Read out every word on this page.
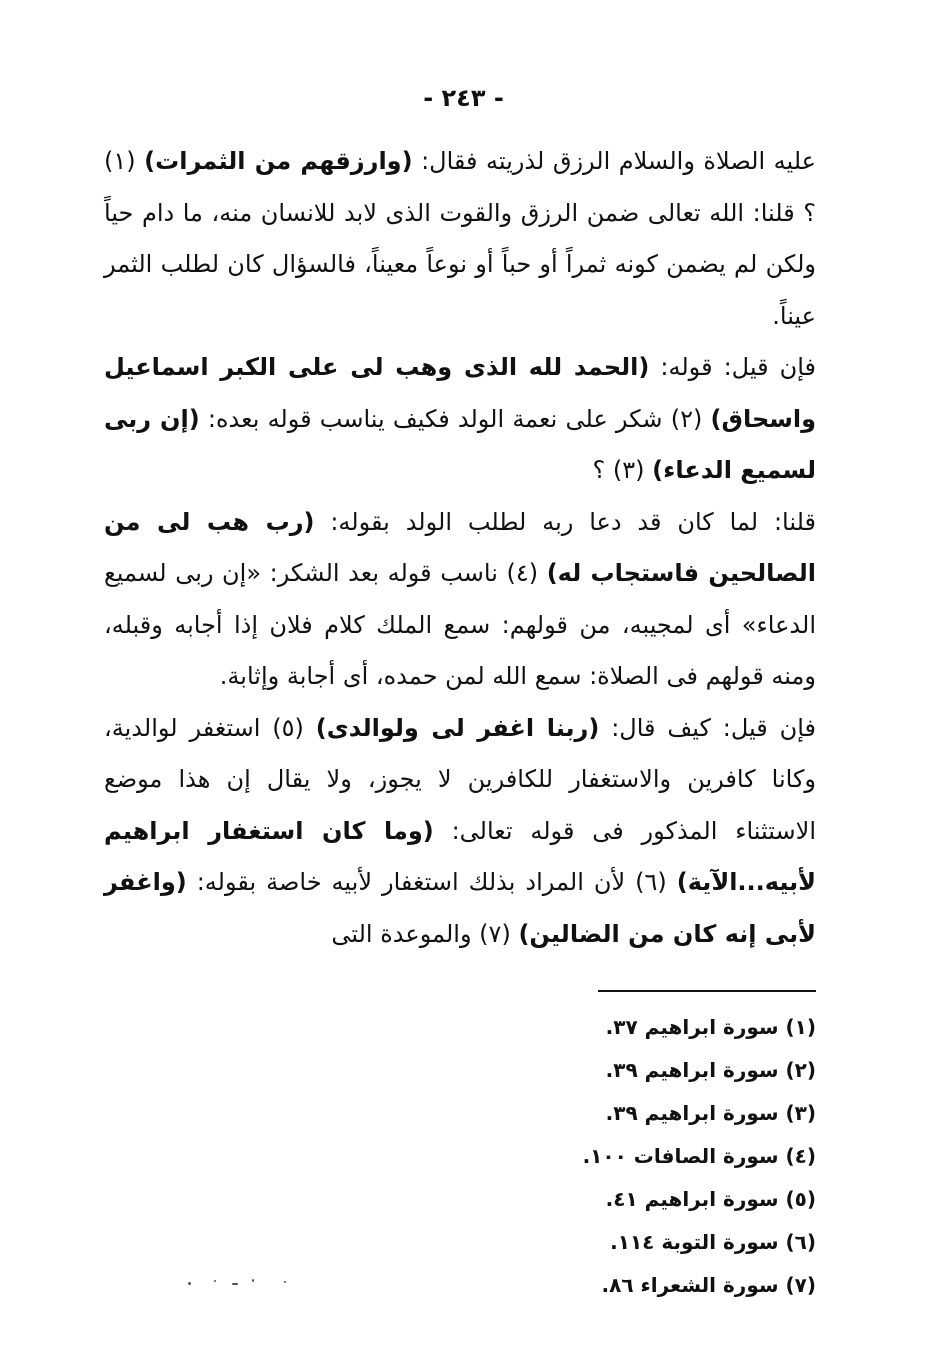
- ٢٤٣ -

عليه الصلاة والسلام الرزق لذريته فقال: (وارزقهم من الثمرات) (١) ؟ قلنا: الله تعالى ضمن الرزق والقوت الذى لابد للانسان منه، ما دام حياً ولكن لم يضمن كونه ثمراً أو حباً أو نوعاً معيناً، فالسؤال كان لطلب الثمر عيناً.

فإن قيل: قوله: (الحمد لله الذى وهب لى على الكبر اسماعيل واسحاق) (٢) شكر على نعمة الولد فكيف يناسب قوله بعده: (إن ربى لسميع الدعاء) (٣) ؟

قلنا: لما كان قد دعا ربه لطلب الولد بقوله: (رب هب لى من الصالحين فاستجاب له) (٤) ناسب قوله بعد الشكر: «إن ربى لسميع الدعاء» أى لمجيبه، من قولهم: سمع الملك كلام فلان إذا أجابه وقبله، ومنه قولهم فى الصلاة: سمع الله لمن حمده، أى أجابة وإثابة.

فإن قيل: كيف قال: (ربنا اغفر لى ولوالدى) (٥) استغفر لوالدية، وكانا كافرين والاستغفار للكافرين لا يجوز، ولا يقال إن هذا موضع الاستثناء المذكور فى قوله تعالى: (وما كان استغفار ابراهيم لأبيه...الآية) (٦) لأن المراد بذلك استغفار لأبيه خاصة بقوله: (واغفر لأبى إنه كان من الضالين) (٧) والموعدة التى

(١) سورة ابراهيم ٣٧.
(٢) سورة ابراهيم ٣٩.
(٣) سورة ابراهيم ٣٩.
(٤) سورة الصافات ١٠٠.
(٥) سورة ابراهيم ٤١.
(٦) سورة التوبة ١١٤.
(٧) سورة الشعراء ٨٦.
